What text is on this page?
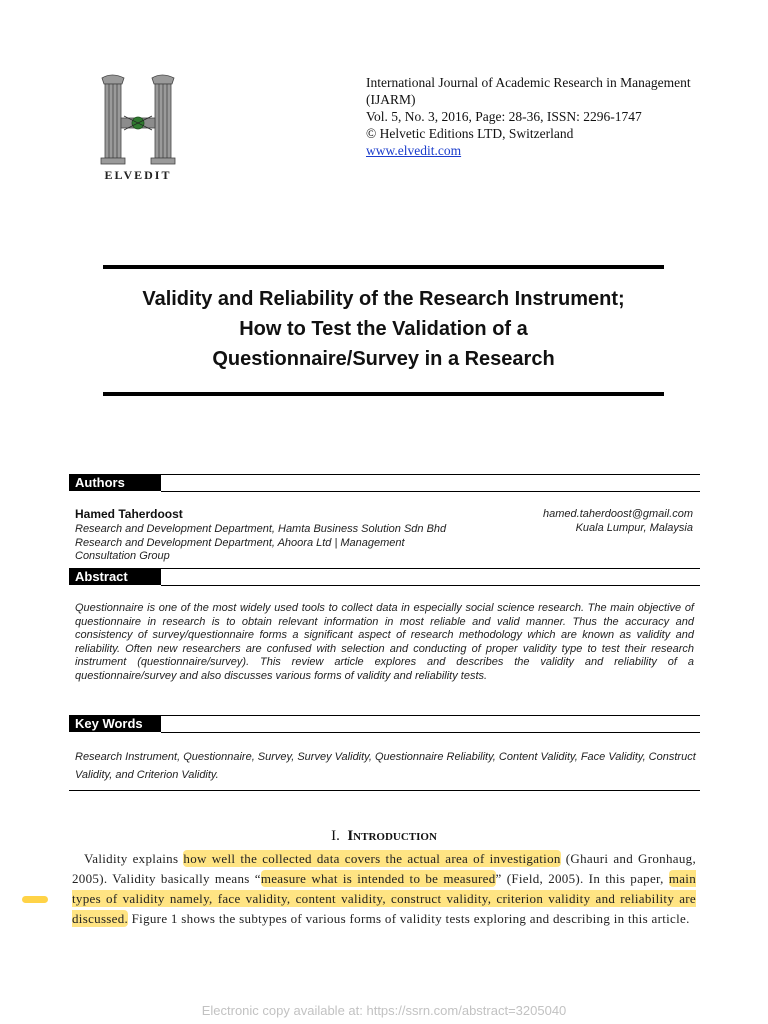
ELVEDIT
International Journal of Academic Research in Management
(IJARM)
Vol. 5, No. 3, 2016, Page: 28-36, ISSN: 2296-1747
© Helvetic Editions LTD, Switzerland
www.elvedit.com
Validity and Reliability of the Research Instrument;
How to Test the Validation of a
Questionnaire/Survey in a Research
Authors
Hamed Taherdoost
Research and Development Department, Hamta Business Solution Sdn Bhd
Research and Development Department, Ahoora Ltd | Management
Consultation Group
hamed.taherdoost@gmail.com
Kuala Lumpur, Malaysia
Abstract
Questionnaire is one of the most widely used tools to collect data in especially social science research. The main objective of questionnaire in research is to obtain relevant information in most reliable and valid manner. Thus the accuracy and consistency of survey/questionnaire forms a significant aspect of research methodology which are known as validity and reliability. Often new researchers are confused with selection and conducting of proper validity type to test their research instrument (questionnaire/survey). This review article explores and describes the validity and reliability of a questionnaire/survey and also discusses various forms of validity and reliability tests.
Key Words
Research Instrument, Questionnaire, Survey, Survey Validity, Questionnaire Reliability, Content Validity, Face Validity, Construct Validity, and Criterion Validity.
I. Introduction
Validity explains how well the collected data covers the actual area of investigation (Ghauri and Gronhaug, 2005). Validity basically means “measure what is intended to be measured” (Field, 2005). In this paper, main types of validity namely, face validity, content validity, construct validity, criterion validity and reliability are discussed. Figure 1 shows the subtypes of various forms of validity tests exploring and describing in this article.
Electronic copy available at: https://ssrn.com/abstract=3205040
